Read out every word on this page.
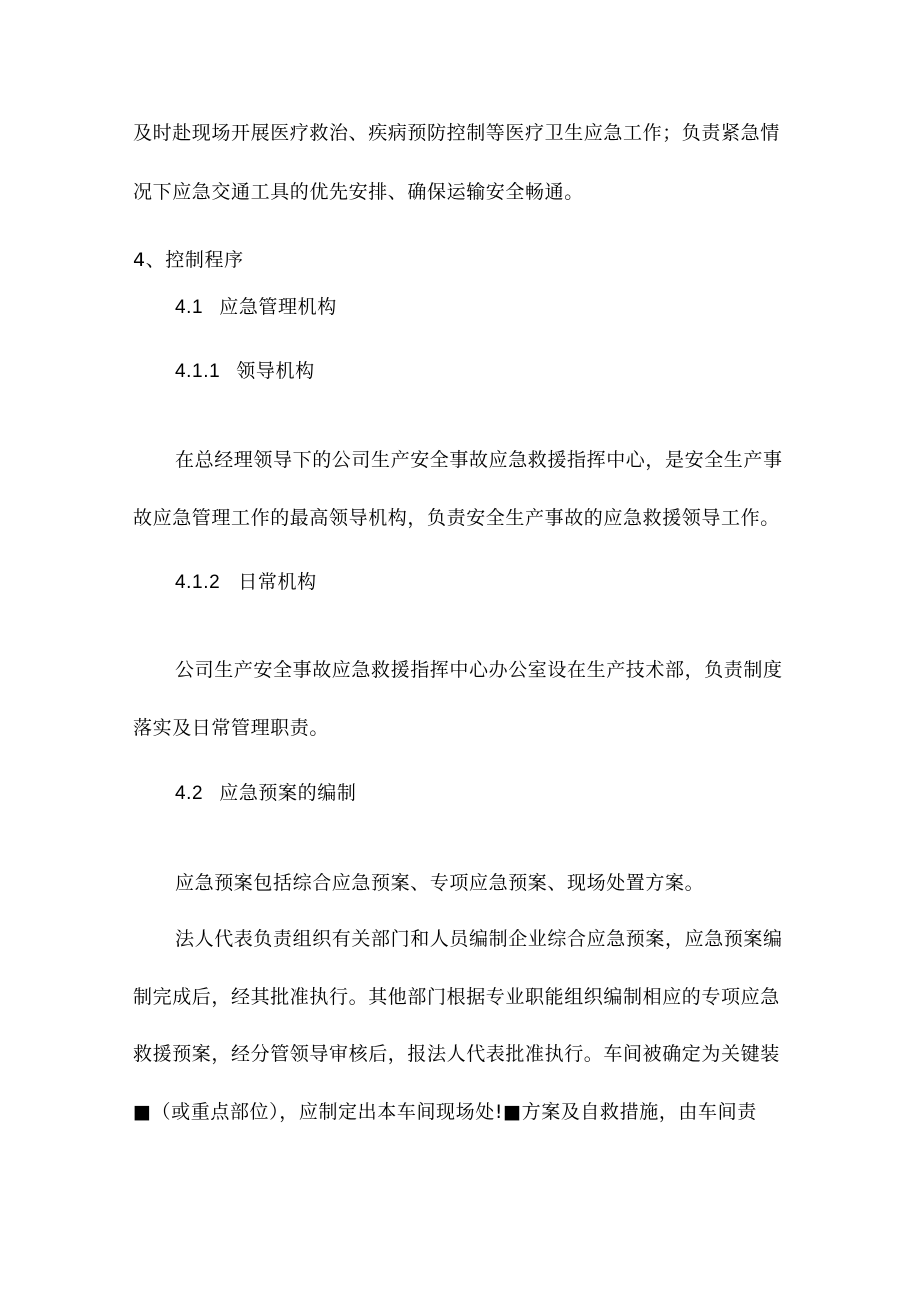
及时赴现场开展医疗救治、疾病预防控制等医疗卫生应急工作；负责紧急情
况下应急交通工具的优先安排、确保运输安全畅通。
4、控制程序
4.1 应急管理机构
4.1.1 领导机构
在总经理领导下的公司生产安全事故应急救援指挥中心，是安全生产事
故应急管理工作的最高领导机构，负责安全生产事故的应急救援领导工作。
4.1.2 日常机构
公司生产安全事故应急救援指挥中心办公室设在生产技术部，负责制度
落实及日常管理职责。
4.2 应急预案的编制
应急预案包括综合应急预案、专项应急预案、现场处置方案。
法人代表负责组织有关部门和人员编制企业综合应急预案，应急预案编
制完成后，经其批准执行。其他部门根据专业职能组织编制相应的专项应急
救援预案，经分管领导审核后，报法人代表批准执行。车间被确定为关键装
■（或重点部位），应制定出本车间现场处!■方案及自救措施，由车间责
